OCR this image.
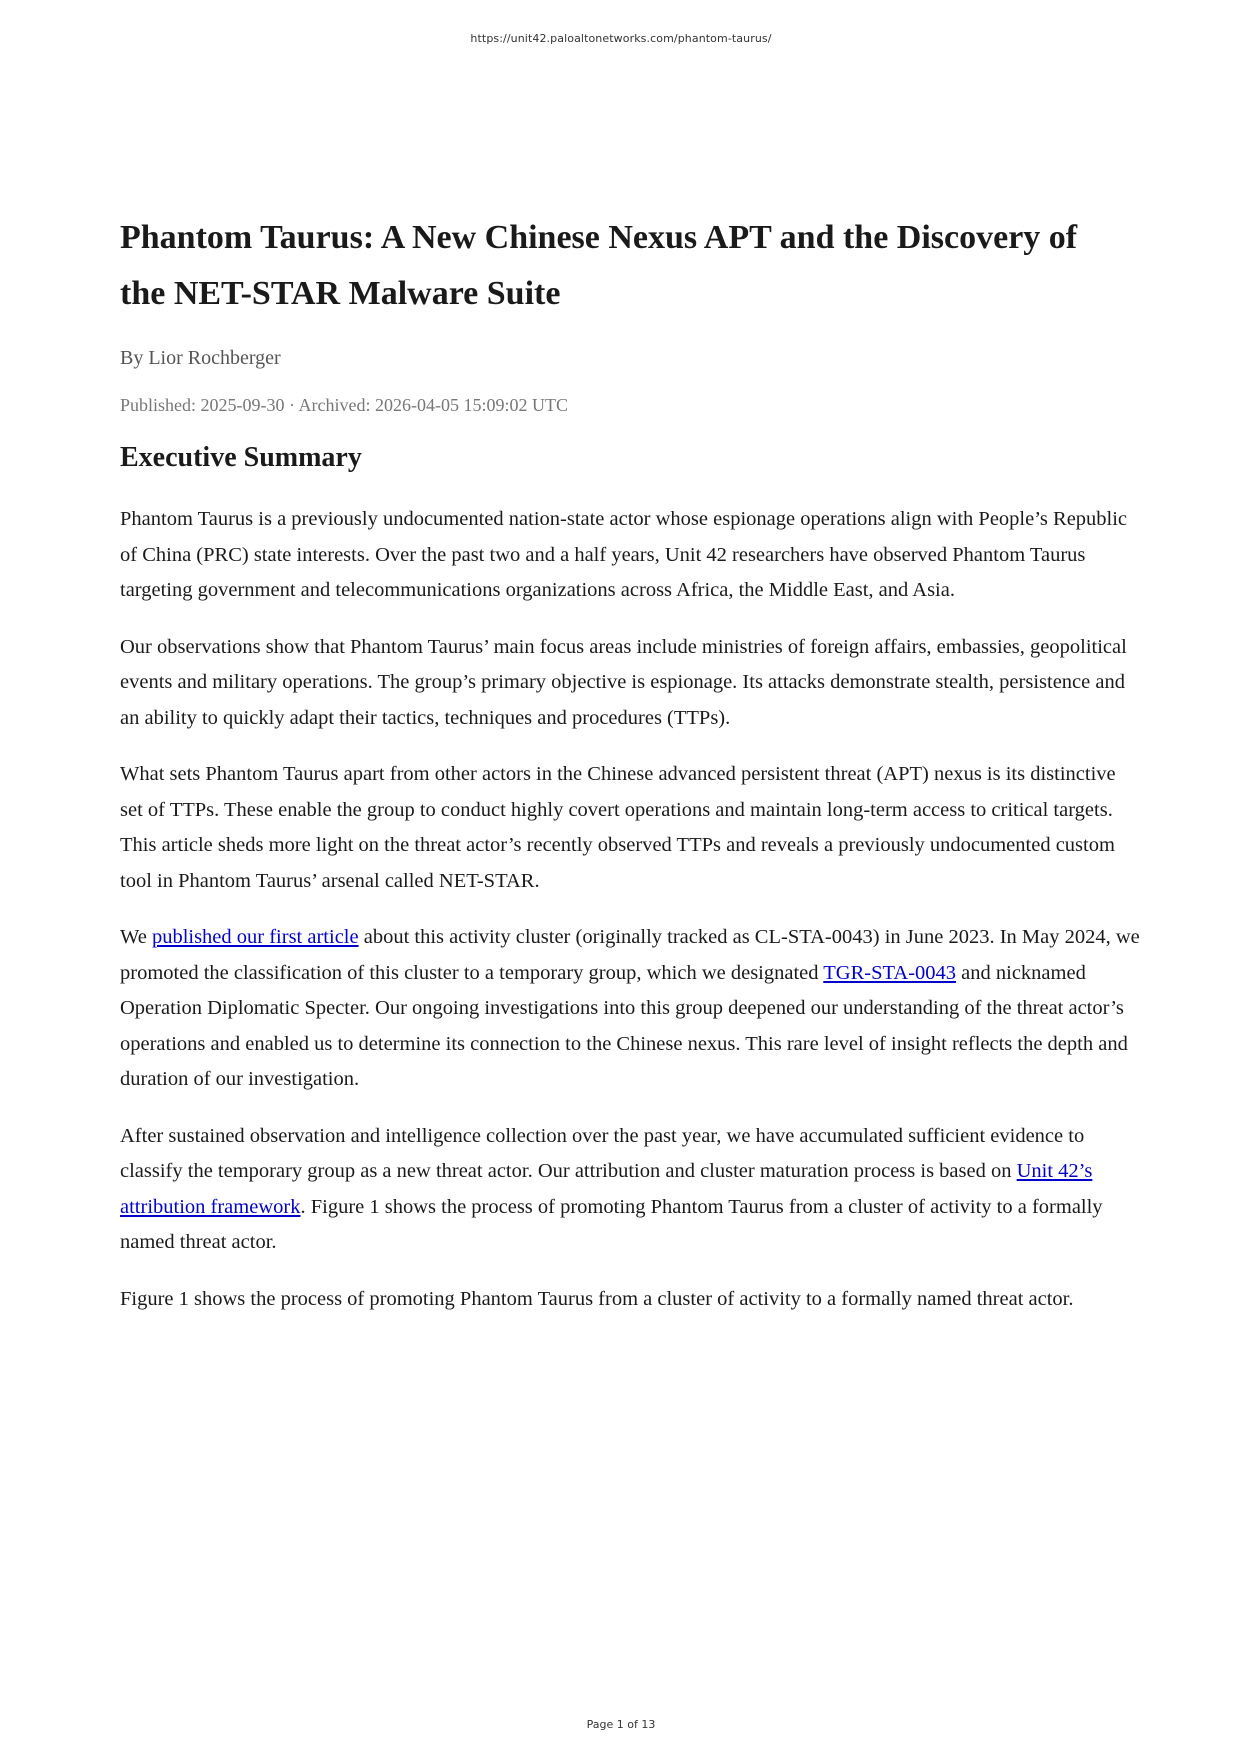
https://unit42.paloaltonetworks.com/phantom-taurus/
Phantom Taurus: A New Chinese Nexus APT and the Discovery of the NET-STAR Malware Suite

By Lior Rochberger

Published: 2025-09-30 · Archived: 2026-04-05 15:09:02 UTC

Executive Summary

Phantom Taurus is a previously undocumented nation-state actor whose espionage operations align with People’s Republic of China (PRC) state interests. Over the past two and a half years, Unit 42 researchers have observed Phantom Taurus targeting government and telecommunications organizations across Africa, the Middle East, and Asia.

Our observations show that Phantom Taurus’ main focus areas include ministries of foreign affairs, embassies, geopolitical events and military operations. The group’s primary objective is espionage. Its attacks demonstrate stealth, persistence and an ability to quickly adapt their tactics, techniques and procedures (TTPs).

What sets Phantom Taurus apart from other actors in the Chinese advanced persistent threat (APT) nexus is its distinctive set of TTPs. These enable the group to conduct highly covert operations and maintain long-term access to critical targets. This article sheds more light on the threat actor’s recently observed TTPs and reveals a previously undocumented custom tool in Phantom Taurus’ arsenal called NET-STAR.

We published our first article about this activity cluster (originally tracked as CL-STA-0043) in June 2023. In May 2024, we promoted the classification of this cluster to a temporary group, which we designated TGR-STA-0043 and nicknamed Operation Diplomatic Specter. Our ongoing investigations into this group deepened our understanding of the threat actor’s operations and enabled us to determine its connection to the Chinese nexus. This rare level of insight reflects the depth and duration of our investigation.

After sustained observation and intelligence collection over the past year, we have accumulated sufficient evidence to classify the temporary group as a new threat actor. Our attribution and cluster maturation process is based on Unit 42’s attribution framework. Figure 1 shows the process of promoting Phantom Taurus from a cluster of activity to a formally named threat actor.

Figure 1 shows the process of promoting Phantom Taurus from a cluster of activity to a formally named threat actor.

Page 1 of 13
